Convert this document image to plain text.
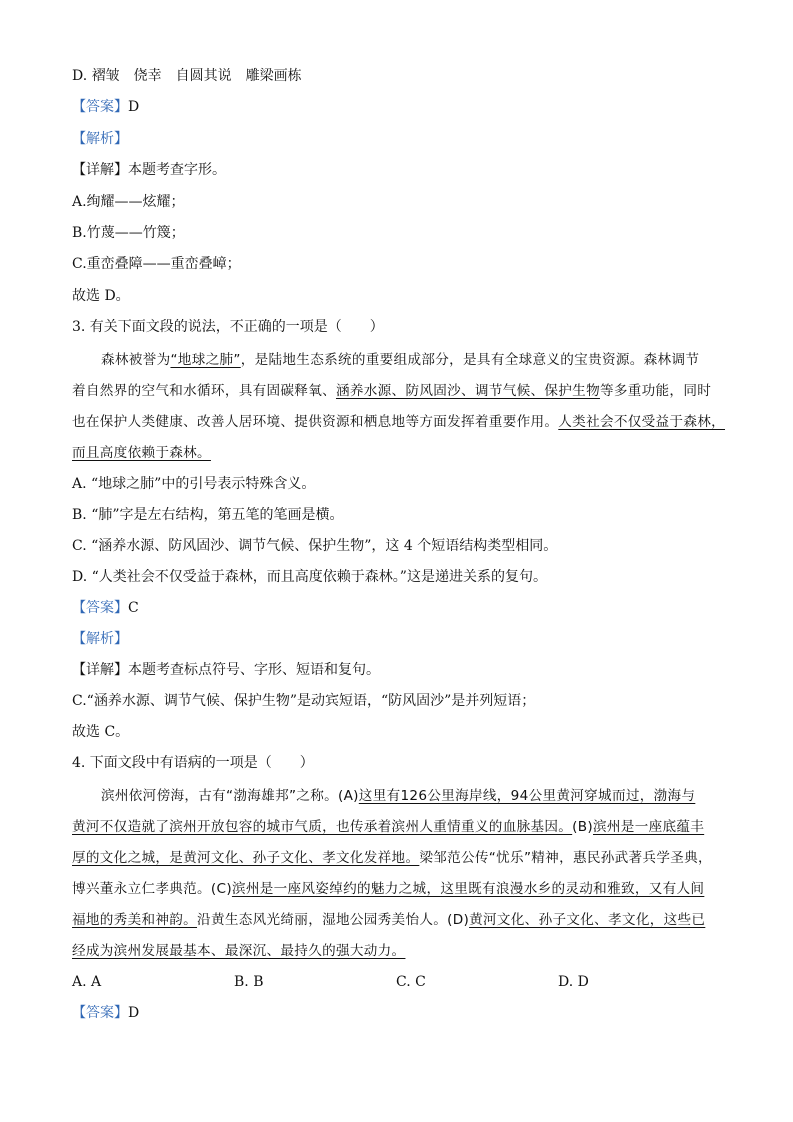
D. 褶皱　侥幸　自圆其说　雕梁画栋
【答案】D
【解析】
【详解】本题考查字形。
A.绚耀——炫耀；
B.竹蔑——竹篾；
C.重峦叠障——重峦叠嶂；
故选 D。
3. 有关下面文段的说法，不正确的一项是（　　）
森林被誉为“地球之肺”，是陆地生态系统的重要组成部分，是具有全球意义的宝贵资源。森林调节
着自然界的空气和水循环，具有固碳释氧、涵养水源、防风固沙、调节气候、保护生物等多重功能，同时
也在保护人类健康、改善人居环境、提供资源和栖息地等方面发挥着重要作用。人类社会不仅受益于森林，
而且高度依赖于森林。
A. “地球之肺”中的引号表示特殊含义。
B. “肺”字是左右结构，第五笔的笔画是横。
C. “涵养水源、防风固沙、调节气候、保护生物”，这 4 个短语结构类型相同。
D. “人类社会不仅受益于森林，而且高度依赖于森林。”这是递进关系的复句。
【答案】C
【解析】
【详解】本题考查标点符号、字形、短语和复句。
C.“涵养水源、调节气候、保护生物”是动宾短语，“防风固沙”是并列短语；
故选 C。
4. 下面文段中有语病的一项是（　　）
滨州依河傍海，古有“渤海雄邦”之称。(A)这里有126公里海岸线，94公里黄河穿城而过，渤海与
黄河不仅造就了滨州开放包容的城市气质，也传承着滨州人重情重义的血脉基因。(B)滨州是一座底蕴丰
厚的文化之城，是黄河文化、孙子文化、孝文化发祥地。梁邹范公传“忧乐”精神，惠民孙武著兵学圣典，
博兴董永立仁孝典范。(C)滨州是一座风姿绰约的魅力之城，这里既有浪漫水乡的灵动和雅致，又有人间
福地的秀美和神韵。沿黄生态风光绮丽，湿地公园秀美怡人。(D)黄河文化、孙子文化、孝文化，这些已
经成为滨州发展最基本、最深沉、最持久的强大动力。
A. A	B. B	C. C	D. D
【答案】D
